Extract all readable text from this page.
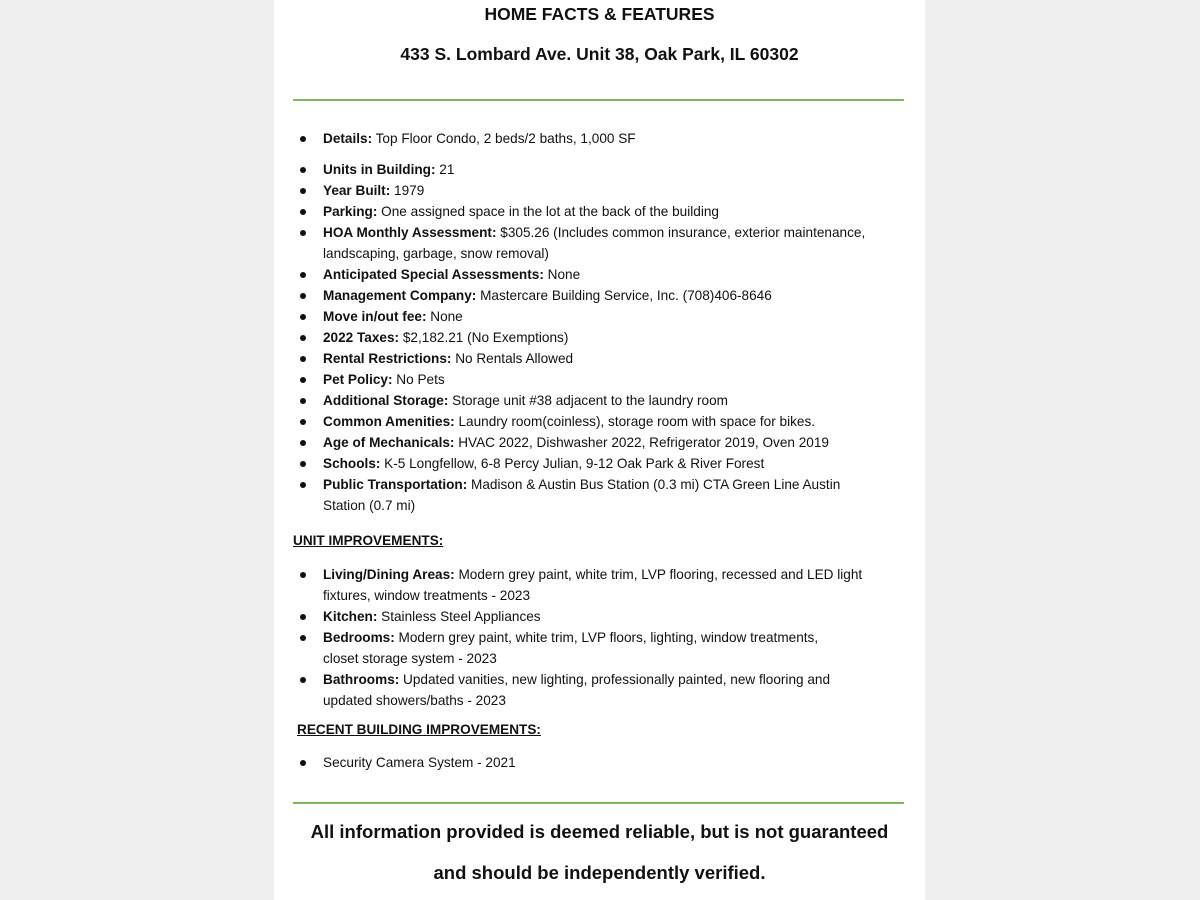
HOME FACTS & FEATURES
433 S. Lombard Ave. Unit 38, Oak Park, IL 60302
Details: Top Floor Condo, 2 beds/2 baths, 1,000 SF
Units in Building: 21
Year Built: 1979
Parking: One assigned space in the lot at the back of the building
HOA Monthly Assessment: $305.26 (Includes common insurance, exterior maintenance,
landscaping, garbage, snow removal)
Anticipated Special Assessments: None
Management Company: Mastercare Building Service, Inc. (708)406-8646
Move in/out fee: None
2022 Taxes: $2,182.21 (No Exemptions)
Rental Restrictions: No Rentals Allowed
Pet Policy: No Pets
Additional Storage: Storage unit #38 adjacent to the laundry room
Common Amenities: Laundry room(coinless), storage room with space for bikes.
Age of Mechanicals: HVAC 2022, Dishwasher 2022, Refrigerator 2019, Oven 2019
Schools: K-5 Longfellow, 6-8 Percy Julian, 9-12 Oak Park & River Forest
Public Transportation: Madison & Austin Bus Station (0.3 mi) CTA Green Line Austin
Station (0.7 mi)
UNIT IMPROVEMENTS:
Living/Dining Areas: Modern grey paint, white trim, LVP flooring, recessed and LED light
fixtures, window treatments - 2023
Kitchen: Stainless Steel Appliances
Bedrooms: Modern grey paint, white trim, LVP floors, lighting, window treatments,
closet storage system - 2023
Bathrooms: Updated vanities, new lighting, professionally painted, new flooring and
updated showers/baths - 2023
RECENT BUILDING IMPROVEMENTS:
Security Camera System - 2021
All information provided is deemed reliable, but is not guaranteed
and should be independently verified.
